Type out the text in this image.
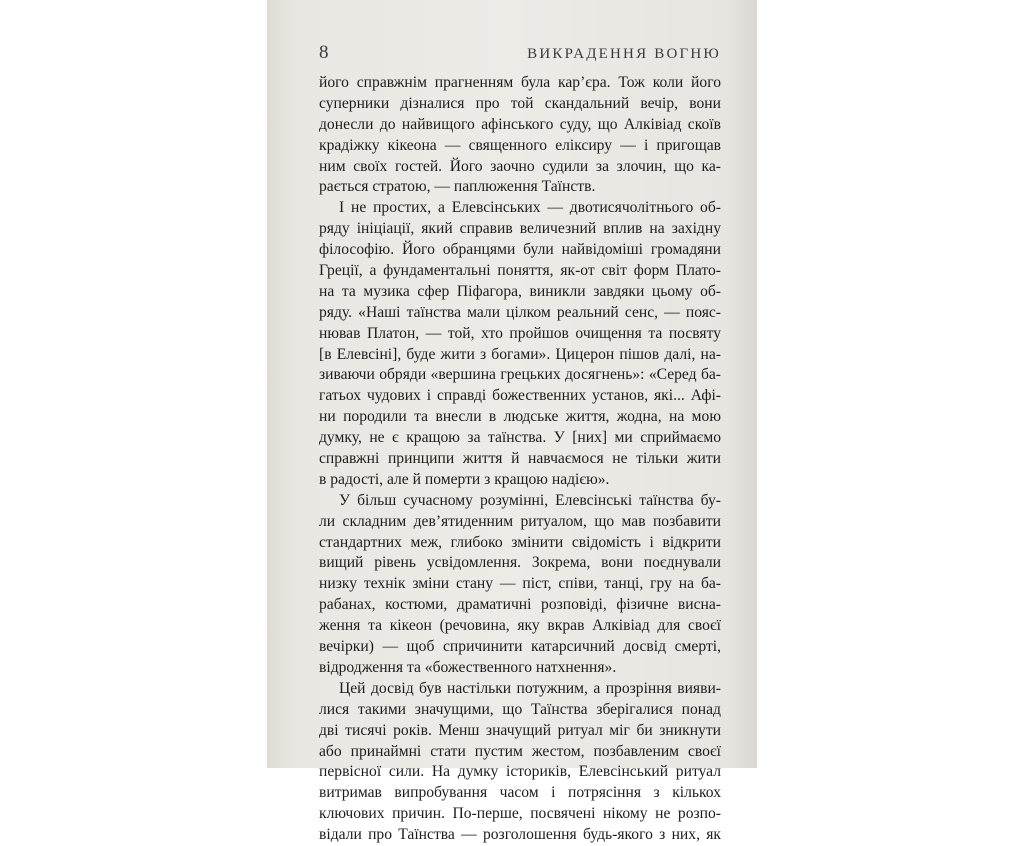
8	ВИКРАДЕННЯ ВОГНЮ
його справжнім прагненням була кар’єра. Тож коли його
суперники дізналися про той скандальний вечір, вони
донесли до найвищого афінського суду, що Алківіад скоїв
крадіжку кікеона — священного еліксиру — і пригощав
ним своїх гостей. Його заочно судили за злочин, що ка-
рається стратою, — паплюження Таїнств.
І не простих, а Елевсінських — двотисячолітнього об-
ряду ініціації, який справив величезний вплив на західну
філософію. Його обранцями були найвідоміші громадяни
Греції, а фундаментальні поняття, як-от світ форм Плато-
на та музика сфер Піфагора, виникли завдяки цьому об-
ряду. «Наші таїнства мали цілком реальний сенс, — пояс-
нював Платон, — той, хто пройшов очищення та посвяту
[в Елевсіні], буде жити з богами». Цицерон пішов далі, на-
зиваючи обряди «вершина грецьких досягнень»: «Серед ба-
гатьох чудових і справді божественних установ, які... Афі-
ни породили та внесли в людське життя, жодна, на мою
думку, не є кращою за таїнства. У [них] ми сприймаємо
справжні принципи життя й навчаємося не тільки жити
в радості, але й померти з кращою надією».
У більш сучасному розумінні, Елевсінські таїнства бу-
ли складним дев’ятиденним ритуалом, що мав позбавити
стандартних меж, глибоко змінити свідомість і відкрити
вищий рівень усвідомлення. Зокрема, вони поєднували
низку технік зміни стану — піст, співи, танці, гру на ба-
рабанах, костюми, драматичні розповіді, фізичне висна-
ження та кікеон (речовина, яку вкрав Алківіад для своєї
вечірки) — щоб спричинити катарсичний досвід смерті,
відродження та «божественного натхнення».
Цей досвід був настільки потужним, а прозріння вияви-
лися такими значущими, що Таїнства зберігалися понад
дві тисячі років. Менш значущий ритуал міг би зникнути
або принаймні стати пустим жестом, позбавленим своєї
первісної сили. На думку істориків, Елевсінський ритуал
витримав випробування часом і потрясіння з кількох
ключових причин. По-перше, посвячені нікому не розпо-
відали про Таїнства — розголошення будь-якого з них, як
